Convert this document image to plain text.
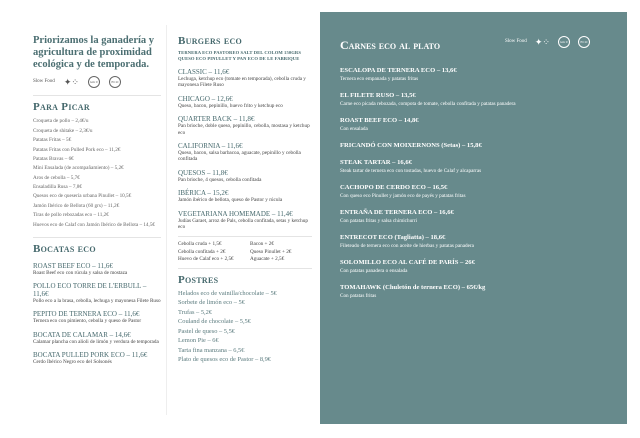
Priorizamos la ganadería y agricultura de proximidad ecológica y de temporada.
Slow Food ✦⁘	km 0	ECO
Para Picar
Croqueta de pollo – 2,4€/u
Croqueta de shitake – 2,3€/u
Patatas Fritas – 5€
Patatas Fritas con Pulled Pork eco – 11,2€
Patatas Bravas – 6€
Mini Ensalada (de acompañamiento) – 5,2€
Aros de cebolla – 5,7€
Ensaladilla Rusa – 7,8€
Quesos eco de quesería urbana Pinullet – 10,5€
Jamón Ibérico de Bellota (60 grs) – 11,2€
Tiras de pollo rebozadas eco – 11,2€
Huevos eco de Calaf con Jamón Ibérico de Bellota – 14,5€
Bocatas eco
ROAST BEEF ECO – 11,6€
Roast Beef eco con rúcula y salsa de mostaza
POLLO ECO TORRE DE L'ERBULL – 11,6€
Pollo eco a la brasa, cebolla, lechuga y mayonesa Filete Ruso
PEPITO DE TERNERA ECO – 11,6€
Ternera eco con pimiento, cebolla y queso de Pastor
BOCATA DE CALAMAR – 14,6€
Calamar plancha con alioli de limón y verdura de temporada
BOCATA PULLED PORK ECO – 11,6€
Cerdo Ibérico Negro eco del Solsonés
Burgers eco
TERNERA ECO PASTOREO SALT DEL COLOM 150GRS QUESO ECO PINULLET Y PAN ECO DE LE FABRIQUE
CLASSIC – 11,6€
Lechuga, ketchup eco (tomate en temporada), cebolla cruda y mayonesa Filete Ruso
CHICAGO – 12,6€
Queso, bacon, pepinillo, huevo frito y ketchup eco
QUARTER BACK – 11,8€
Pan brioche, doble queso, pepinillo, cebolla, mostasa y ketchup eco
CALIFORNIA – 11,6€
Queso, bacon, salsa barbacoa, aguacate, pepinillo y cebolla confitada
QUESOS – 11,8€
Pan brioche, 4 quesos, cebolla confitada
IBÉRICA – 15,2€
Jamón ibérico de bellota, queso de Pastor y rúcula
VEGETARIANA HOMEMADE – 11,4€
Judías Garaet, arroz de Pals, cebolla confitada, setas y ketchup eco
Cebolla cruda + 1,5€	Bacon + 2€
Cebolla confitada + 2€	Queso Pinullet + 2€
Huevo de Calaf eco + 2,5€	Aguacate + 2,5€
Postres
Helados eco de vainilla/chocolate – 5€
Sorbete de limón eco – 5€
Trufas – 5,2€
Couland de chocolate – 5,5€
Pastel de queso – 5,5€
Lemon Pie – 6€
Tarta fina manzana – 6,5€
Plato de quesos eco de Pastor – 8,9€
Carnes eco al plato	Slow Food ✦⁘	km 0	ECO
ESCALOPA DE TERNERA ECO – 13,6€
Ternera eco empanada y patatas fritas
EL FILETE RUSO – 13,5€
Carne eco picada rebozada, compota de tomate, cebolla confitada y patatas panadera
ROAST BEEF ECO – 14,8€
Con ensalada
FRICANDÓ CON MOIXERNONS (Setas) – 15,8€
STEAK TARTAR – 16,6€
Steak tartar de ternera eco con tostadas, huevo de Calaf y alcaparras
CACHOPO DE CERDO ECO – 16,5€
Con queso eco Pinullet y jamón eco de payés y patatas fritas
ENTRAÑA DE TERNERA ECO – 16,6€
Con patatas fritas y salsa chimichurri
ENTRECOT ECO (Tagliatta) – 18,6€
Fileteado de ternera eco con aceite de hierbas y patatas panadera
SOLOMILLO ECO AL CAFÉ DE PARÍS – 26€
Con patatas panadera o ensalada
TOMAHAWK (Chuletón de ternera ECO) – 65€/kg
Con patatas fritas
